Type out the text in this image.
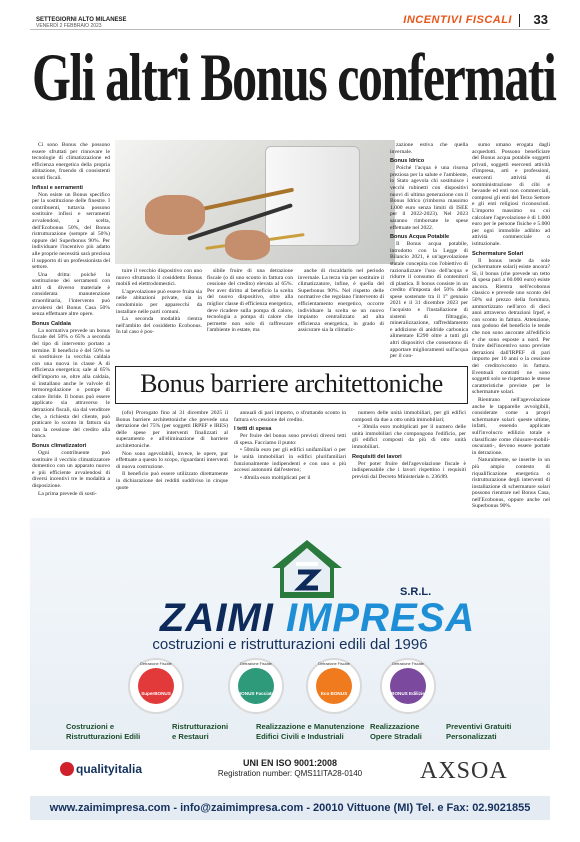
SETTEGIORNI ALTO MILANESE
VENERDÌ 2 FEBBRAIO 2023	INCENTIVI FISCALI 33
Gli altri Bonus confermati

Ci sono Bonus che possono essere sfruttati per rinnovare le tecnologie di climatizzazione ed efficienza energetica della propria abitazione, fruendo di consistenti sconti fiscali.

Infissi e serramenti

Non esiste un Bonus specifico per la sostituzione delle finestre. I contribuenti, tuttavia possono sostituire infissi e serramenti avvalendosi, a scelta, dell'Ecobonus 50%, del Bonus ristrutturazione (sempre al 50%) oppure del Superbonus 90%. Per individuare l'incentivo più adatto alle proprie necessità sarà preziosa il supporto di un professionista del settore.

Una dritta: poiché la sostituzione dei serramenti con altri di diverso materiale è considerata manutenzione straordinaria, l'intervento può avvalersi del Bonus Casa 50% senza effettuare altre opere.

Bonus Caldaia

La normativa prevede un bonus fiscale del 50% o 65% a seconda del tipo di intervento portato a termine. Il beneficio è del 50% se si sostituisce la vecchia caldaia con una nuova in classe A di efficienza energetica; sale al 65% dell'importo se, oltre alla caldaia, si installano anche le valvole di termoregolazione o pompe di calore ibride. Il bonus può essere applicato sia attraverso le detrazioni fiscali, sia dal venditore che, a richiesta del cliente, può praticare lo sconto in fattura sia con la cessione del credito alla banca.

Bonus climatizzatori

Ogni contribuente può sostituire il vecchio climatizzatore domestico con un apparato nuovo e più efficiente avvalendosi di diversi incentivi tre le modalità a disposizione.

La prima prevede di sosti-

tuire il vecchio dispositivo con uno nuovo sfruttando il cosiddetto Bonus mobili ed elettrodomestici.

L'agevolazione può essere fruita sia nelle abitazioni private, sia in condominio per apparecchi da installare nelle parti comuni.

La seconda modalità rientra nell'ambito del cosiddetto Ecobonus. In tal caso è pos-

sibile fruire di una detrazione fiscale (o di uno sconto in fattura con cessione del credito) elevata al 65%. Per aver diritto al beneficio la scelta del nuovo dispositivo, oltre alla miglior classe di efficienza energetica, deve ricadere sulla pompa di calore, tecnologia a pompa di calore che permette non solo di raffrescare l'ambiente in estate, ma

anche di riscaldarlo nel periodo invernale. La terza via per sostituire il climatizzatore, infine, è quella del Superbonus 90%. Nel rispetto delle normative che regolano l'intervento di efficientamento energetico, occorre individuare la scelta se un nuovo impianto centralizzato ad alta efficienza energetica, in grado di assicurare sia la climatiz-

zazione estiva che quella invernale.

Bonus Idrico

Poiché l'acqua è una risorsa preziosa per la salute e l'ambiente, lo Stato agevola chi sostituisce i vecchi rubinetti con dispositivi nuovi di ultima generazione con il Bonus Idrico (rimborso massimo 1.000 euro senza limiti di ISEE per il 2022-2023). Nel 2023 saranno rimborsate le spese effettuate nel 2022.

Bonus Acqua Potabile

Il Bonus acqua potabile, introdotto con la Legge di Bilancio 2021, è un'agevolazione statale concepita con l'obiettivo di razionalizzare l'uso dell'acqua e ridurre il consumo di contenitori di plastica. Il bonus consiste in un credito d'imposta del 50% delle spese sostenute tra il 1° gennaio 2021 e il 31 dicembre 2023 per l'acquisto e l'installazione di sistemi di filtraggio, mineralizzazione, raffreddamento e addizione di anidride carbonica alimentare E290 oltre a tutti gli altri dispositivi che consentono di apportare miglioramenti sull'acqua per il con-

sumo umano erogata dagli acquedotti. Possono beneficiare del Bonus acqua potabile soggetti privati, soggetti esercenti attività d'impresa, arti e professioni, esercenti attività di somministrazione di cibi e bevande ed enti non commerciali, compresi gli enti del Terzo Settore e gli enti religiosi riconosciuti. L'importo massimo su cui calcolare l'agevolazione è di 1.000 euro per le persone fisiche e 5.000 per ogni immobile adibito ad attività commerciale o istituzionale.

Schermature Solari

Il bonus tende da sole (schermature solari) esiste ancora? Sì, il bonus (che prevede un tetto di spesa pari a 60.000 euro) esiste ancora. Rientra nell'ecobonus classico e prevede uno sconto del 50% sul prezzo della fornitura, ammortizzato nell'arco di dieci anni attraverso detrazioni Irpef, e con sconto in fattura. Attenzione, non godono del beneficio le tende che non sono ancorate all'edificio e che sono esposte a nord. Per fruire dell'incentivo sono previste detrazioni dall'IRPEF di pari importo per 10 anni o la cessione del credito/sconto in fattura. Eventuali contratti ne sono soggetti solo se rispettano le stesse caratteristiche previste per le schermature solari.

Rientrano nell'agevolazione anche le tapparelle avvolgibili, considerate come a propri schermature solari: queste ultime, infatti, essendo applicate sull'involucro edilizio totale e classificate come chiusure-mobili-oscuranti-, devono essere portate in detrazione.

Naturalmente, se inserite in un più ampio contesto di riqualificazione energetica o ristrutturazione degli interventi di installazione di schermature solari possono rientrare nel Bonus Casa, nell'Ecobonus, oppure anche nel Superbonus 90%.

Bonus barriere architettoniche

(ofo) Prorogato fino al 31 dicembre 2025 il Bonus barriere architettoniche che prevede una detrazione del 75% (per soggetti IRPEF e IRES) delle spese per interventi finalizzati al superamento e all'eliminazione di barriere architettoniche.

Non sono agevolabili, invece, le opere, pur effettuate a questo lo scopo, riguardanti interventi di nuova costruzione.

Il beneficio può essere utilizzato direttamente in dichiarazione dei redditi suddiviso in cinque quote

annuali di pari importo, o sfruttando sconto in fattura e/o cessione del credito.

I tetti di spesa

Per fruire del bonus sono previsti diversi tetti di spesa. Facciamo il punto:

• 50mila euro per gli edifici unifamiliari o per le unità immobiliari in edifici plurifamiliari funzionalmente indipendenti e con uno o più accessi autonomi dall'esterno;

• 40mila euro moltiplicati per il

numero delle unità immobiliari, per gli edifici composti da due a otto unità immobiliari;

• 30mila euro moltiplicati per il numero delle unità immobiliari che compongono l'edificio, per gli edifici composti da più di otto unità immobiliari.

Requisiti dei lavori

Per poter fruire dell'agevolazione fiscale è indispensabile che i lavori rispettino i requisiti previsti dal Decreto Ministeriale n. 236/89.

S.R.L.
ZAIMI IMPRESA
costruzioni e ristrutturazioni edili dal 1996
Detrazione Fiscale
SuperBONUS
Detrazione Fiscale
BONUS Facciate
Detrazione Fiscale
Eco BONUS
Detrazione Fiscale
BONUS Edilizie
Costruzioni e
Ristrutturazioni Edili
Ristrutturazioni
e Restauri
Realizzazione e Manutenzione
Edifici Civili e Industriali
Realizzazione
Opere Stradali
Preventivi Gratuiti
Personalizzati
qualityitalia	UNI EN ISO 9001:2008
Registration number: QMS11ITA28-0140	AXSOA
www.zaimimpresa.com - info@zaimimpresa.com - 20010 Vittuone (MI) Tel. e Fax: 02.9021855
